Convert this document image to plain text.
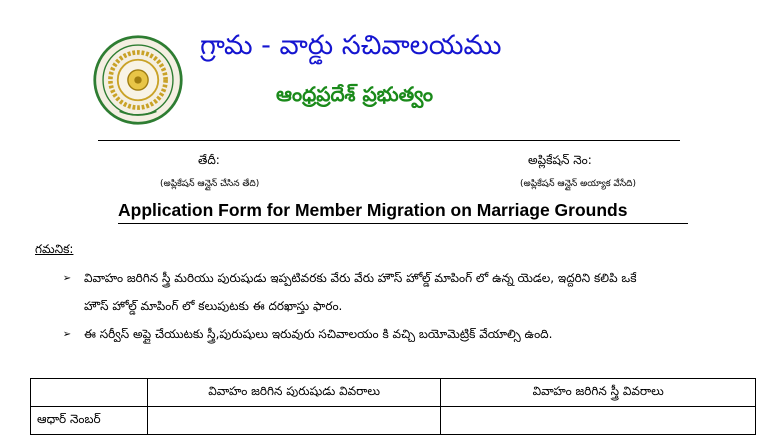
గ్రామ - వార్డు సచివాలయము
ఆంధ్రప్రదేశ్ ప్రభుత్వం
తేదీ:
(అప్లికేషన్ ఆన్లైన్ చేసిన తేది)
అప్లికేషన్ నెం:
(అప్లికేషన్ ఆన్లైన్ అయ్యాక వేసేది)
Application Form for Member Migration on Marriage Grounds
గమనిక:
➢ వివాహం జరిగిన స్త్రీ మరియు పురుషుడు ఇప్పటివరకు వేరు వేరు హౌస్ హోల్డ్ మాపింగ్ లో ఉన్న యెడల, ఇద్దరిని కలిపి ఒకే
హౌస్ హోల్డ్ మాపింగ్ లో కలుపుటకు ఈ దరఖాస్తు ఫారం.
➢ ఈ సర్వీస్ అప్లై చేయుటకు స్త్రీ,పురుషులు ఇరువురు సచివాలయం కి వచ్చి బయోమెట్రిక్ వేయాల్సి ఉంది.
	వివాహం జరిగిన పురుషుడు వివరాలు	వివాహం జరిగిన స్త్రీ వివరాలు
ఆధార్ నెంబర్		
